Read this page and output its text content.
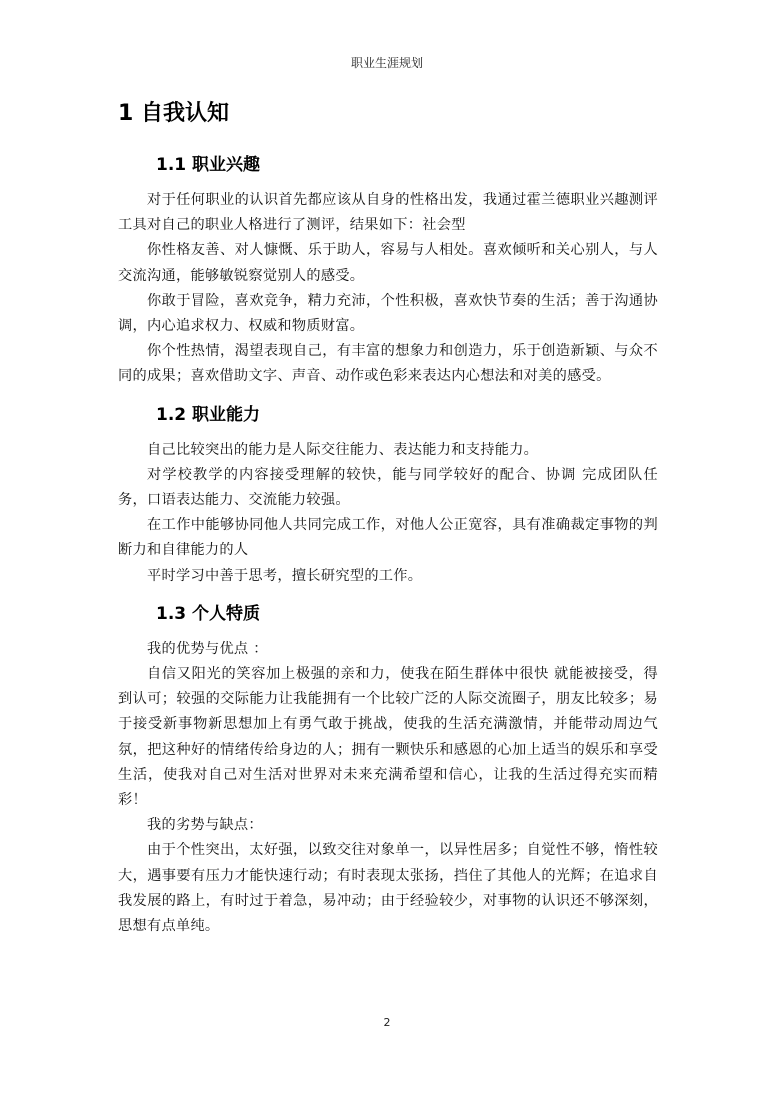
职业生涯规划
1 自我认知
1.1 职业兴趣

对于任何职业的认识首先都应该从自身的性格出发，我通过霍兰德职业兴趣测评工具对自己的职业人格进行了测评，结果如下：社会型

你性格友善、对人慷慨、乐于助人，容易与人相处。喜欢倾听和关心别人，与人交流沟通，能够敏锐察觉别人的感受。

你敢于冒险，喜欢竞争，精力充沛，个性积极，喜欢快节奏的生活；善于沟通协调，内心追求权力、权威和物质财富。

你个性热情，渴望表现自己，有丰富的想象力和创造力，乐于创造新颖、与众不同的成果；喜欢借助文字、声音、动作或色彩来表达内心想法和对美的感受。

1.2 职业能力

自己比较突出的能力是人际交往能力、表达能力和支持能力。

对学校教学的内容接受理解的较快，能与同学较好的配合、协调 完成团队任务，口语表达能力、交流能力较强。

在工作中能够协同他人共同完成工作，对他人公正宽容，具有准确裁定事物的判断力和自律能力的人

平时学习中善于思考，擅长研究型的工作。

1.3 个人特质

我的优势与优点 ：

自信又阳光的笑容加上极强的亲和力，使我在陌生群体中很快 就能被接受，得到认可；较强的交际能力让我能拥有一个比较广泛的人际交流圈子，朋友比较多；易于接受新事物新思想加上有勇气敢于挑战，使我的生活充满激情，并能带动周边气氛，把这种好的情绪传给身边的人；拥有一颗快乐和感恩的心加上适当的娱乐和享受生活，使我对自己对生活对世界对未来充满希望和信心，让我的生活过得充实而精彩！

我的劣势与缺点：

由于个性突出，太好强，以致交往对象单一，以异性居多；自觉性不够，惰性较大，遇事要有压力才能快速行动；有时表现太张扬，挡住了其他人的光辉；在追求自我发展的路上，有时过于着急，易冲动；由于经验较少，对事物的认识还不够深刻，思想有点单纯。

2
